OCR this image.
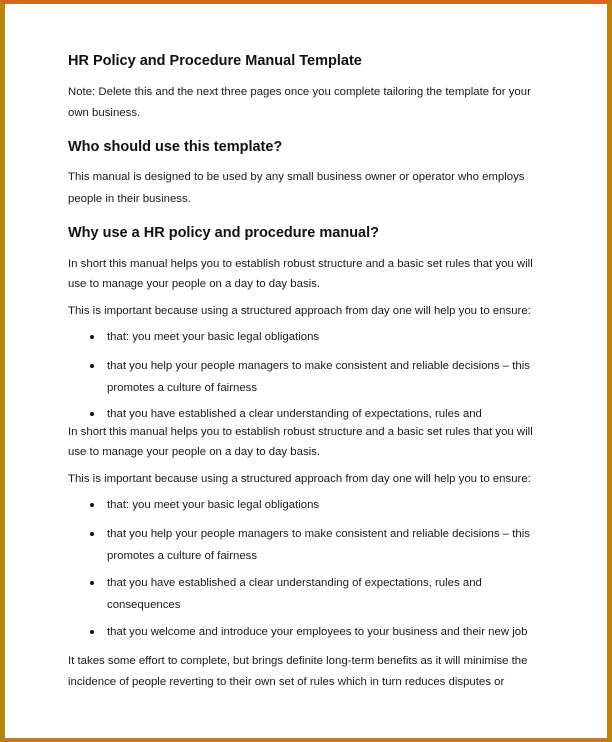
HR Policy and Procedure Manual Template
Note: Delete this and the next three pages once you complete tailoring the template for your
own business.
Who should use this template?
This manual is designed to be used by any small business owner or operator who employs
people in their business.
Why use a HR policy and procedure manual?
In short this manual helps you to establish robust structure and a basic set rules that you will
use to manage your people on a day to day basis.
This is important because using a structured approach from day one will help you to ensure:
that: you meet your basic legal obligations
that you help your people managers to make consistent and reliable decisions – this
promotes a culture of fairness
that you have established a clear understanding of expectations, rules and
In short this manual helps you to establish robust structure and a basic set rules that you will
use to manage your people on a day to day basis.
This is important because using a structured approach from day one will help you to ensure:
that: you meet your basic legal obligations
that you help your people managers to make consistent and reliable decisions – this
promotes a culture of fairness
that you have established a clear understanding of expectations, rules and
consequences
that you welcome and introduce your employees to your business and their new job
It takes some effort to complete, but brings definite long-term benefits as it will minimise the
incidence of people reverting to their own set of rules which in turn reduces disputes or
